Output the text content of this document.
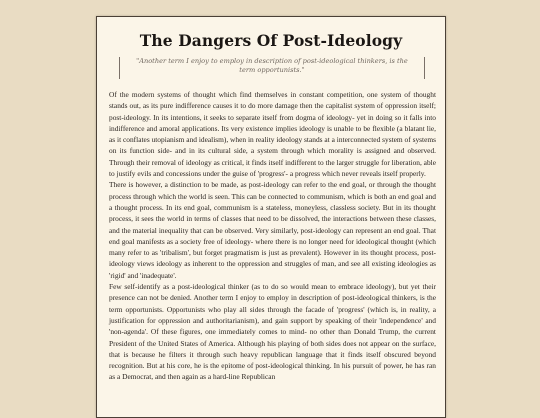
The Dangers Of Post-Ideology
"Another term I enjoy to employ in description of post-ideological thinkers, is the term opportunists."

Of the modern systems of thought which find themselves in constant competition, one system of thought stands out, as its pure indifference causes it to do more damage then the capitalist system of oppression itself; post-ideology. In its intentions, it seeks to separate itself from dogma of ideology- yet in doing so it falls into indifference and amoral applications. Its very existence implies ideology is unable to be flexible (a blatant lie, as it conflates utopianism and idealism), when in reality ideology stands at a interconnected system of systems on its function side- and in its cultural side, a system through which morality is assigned and observed. Through their removal of ideology as critical, it finds itself indifferent to the larger struggle for liberation, able to justify evils and concessions under the guise of 'progress'- a progress which never reveals itself properly.

There is however, a distinction to be made, as post-ideology can refer to the end goal, or through the thought process through which the world is seen. This can be connected to communism, which is both an end goal and a thought process. In its end goal, communism is a stateless, moneyless, classless society. But in its thought process, it sees the world in terms of classes that need to be dissolved, the interactions between these classes, and the material inequality that can be observed. Very similarly, post-ideology can represent an end goal. That end goal manifests as a society free of ideology- where there is no longer need for ideological thought (which many refer to as 'tribalism', but forget pragmatism is just as prevalent). However in its thought process, post-ideology views ideology as inherent to the oppression and struggles of man, and see all existing ideologies as 'rigid' and 'inadequate'.

Few self-identify as a post-ideological thinker (as to do so would mean to embrace ideology), but yet their presence can not be denied. Another term I enjoy to employ in description of post-ideological thinkers, is the term opportunists. Opportunists who play all sides through the facade of 'progress' (which is, in reality, a justification for oppression and authoritarianism), and gain support by speaking of their 'independence' and 'non-agenda'. Of these figures, one immediately comes to mind- no other than Donald Trump, the current President of the United States of America. Although his playing of both sides does not appear on the surface, that is because he filters it through such heavy republican language that it finds itself obscured beyond recognition. But at his core, he is the epitome of post-ideological thinking. In his pursuit of power, he has ran as a Democrat, and then again as a hard-line Republican
